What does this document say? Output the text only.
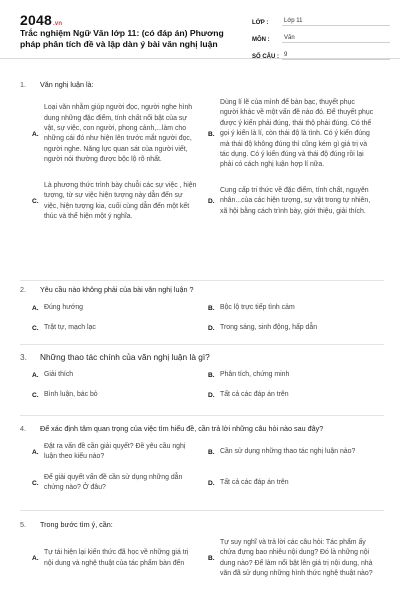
2048.vn
Trắc nghiệm Ngữ Văn lớp 11: (có đáp án) Phương pháp phân tích đề và lập dàn ý bài văn nghị luận
LỚP :	Lớp 11
MÔN :	Văn
SỐ CÂU : 9
1. Văn nghị luận là:
A.
Loại văn nhằm giúp người đọc, người nghe hình dung những đặc điểm, tính chất nổi bật của sự vật, sự việc, con người, phong cảnh,...làm cho những cái đó như hiện lên trước mắt người đọc, người nghe. Năng lực quan sát của người viết, người nói thường được bộc lộ rõ nhất.
B.
Dùng lí lẽ của mình để bàn bạc, thuyết phục người khác về một vấn đề nào đó. Để thuyết phục được ý kiến phải đúng, thái thộ phải đúng. Có thể gọi ý kiến là lí, còn thái độ là tình. Có ý kiến đúng mà thái độ không đúng thì cũng kém gì giá trị và tác dụng. Có ý kiến đúng và thái độ đúng rồi lại phải có cách nghị luận hợp lí nữa.
C.
Là phương thức trình bày chuỗi các sự việc , hiện tượng, từ sự việc hiện tượng này dẫn đến sự việc, hiện tượng kia, cuối cùng dẫn đến một kết thúc và thể hiện một ý nghĩa.
D.
Cung cấp tri thức về đặc điểm, tính chất, nguyên nhân...của các hiện tượng, sự vật trong tự nhiên, xã hội bằng cách trình bày, giới thiệu, giải thích.
2. Yêu cầu nào không phải của bài văn nghị luận ?
A. Đúng hướng	B. Bộc lộ trực tiếp tình cảm
C. Trật tự, mạch lạc	D. Trong sáng, sinh động, hấp dẫn
3. Những thao tác chính của văn nghị luận là gì?
A. Giải thích	B. Phân tích, chứng minh
C. Bình luận, bác bỏ	D. Tất cả các đáp án trên
4. Để xác định tâm quan trọng của việc tìm hiểu đề, cần trả lời những câu hỏi nào sau đây?
A.
Đặt ra vấn đề cần giải quyết? Đề yêu cầu nghị luận theo kiểu nào?
B. Cần sử dụng những thao tác nghị luận nào?
C.
Để giải quyết vấn đề cần sử dụng những dẫn chứng nào? Ở đâu?
D. Tất cả các đáp án trên
5. Trong bước tìm ý, cần:
A.
Tự tái hiện lại kiến thức đã học về những giá trị nội dung và nghệ thuật của tác phẩm bàn đến
B.
Tự suy nghĩ và trả lời các câu hỏi: Tác phẩm ấy chứa đựng bao nhiêu nội dung? Đó là những nội dung nào? Để làm nổi bật lên giá trị nội dung, nhà văn đã sử dụng những hình thức nghệ thuật nào?
